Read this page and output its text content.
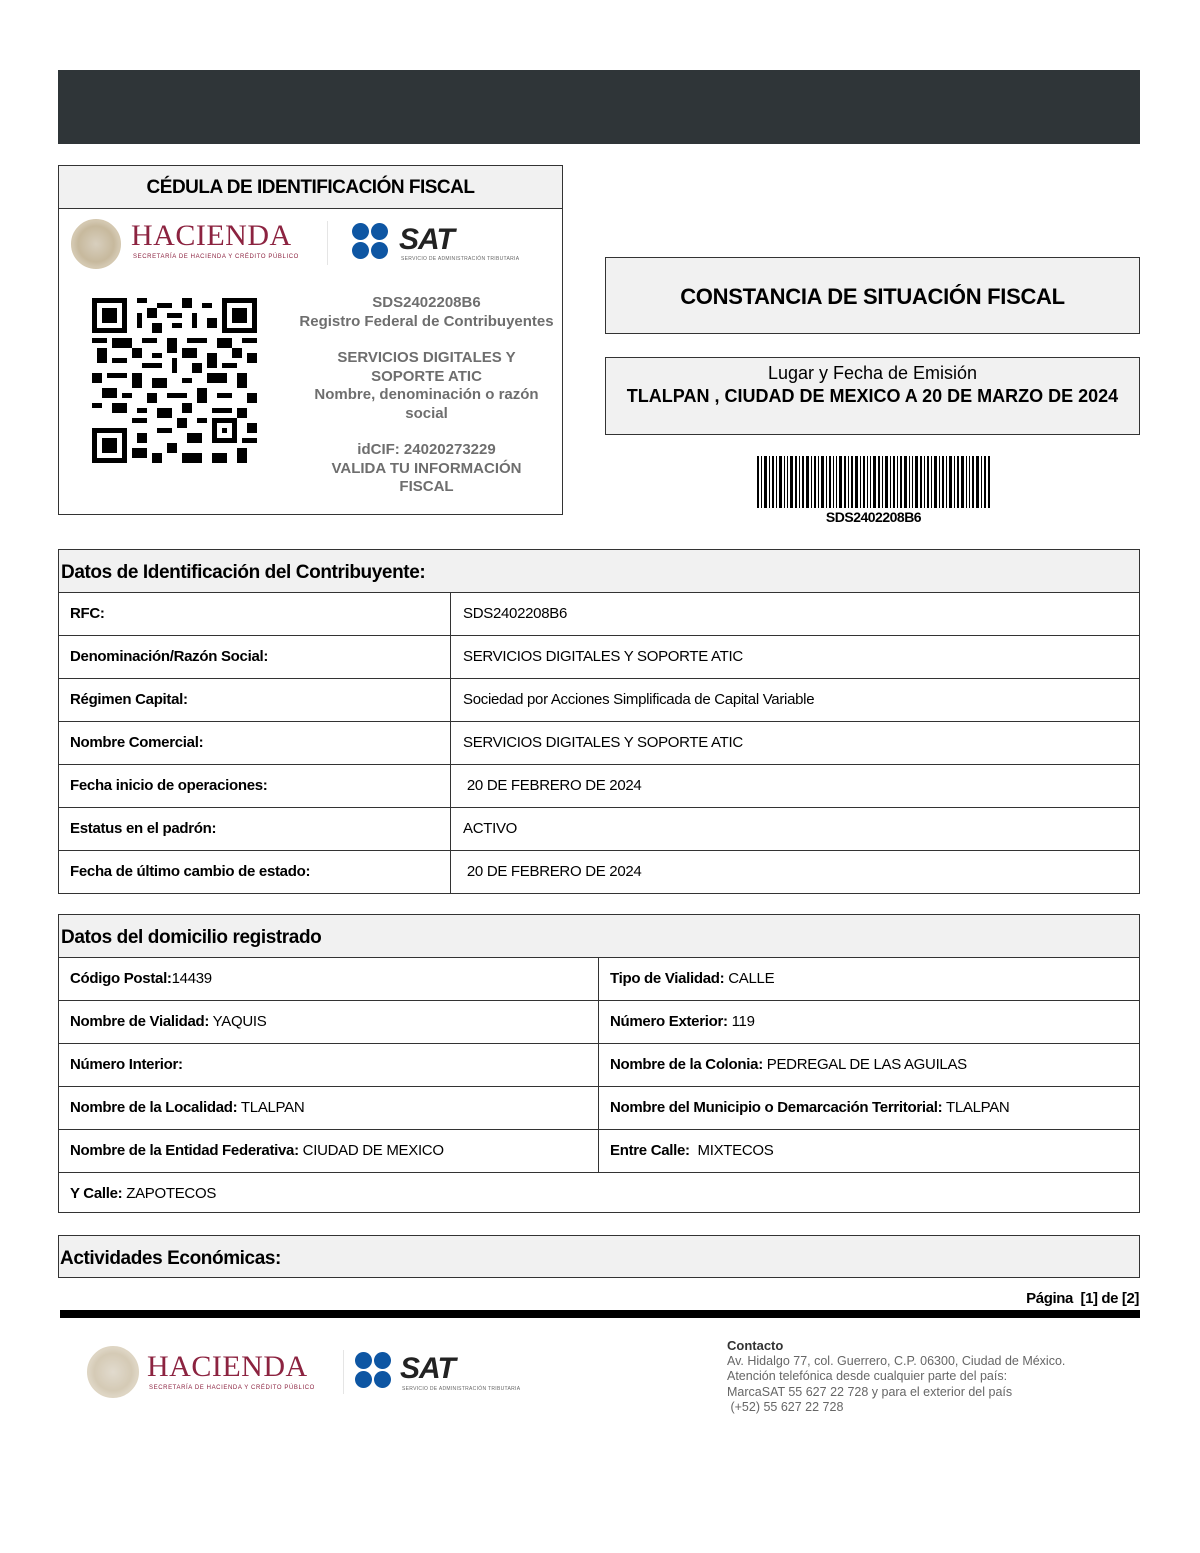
CÉDULA DE IDENTIFICACIÓN FISCAL
HACIENDA
SECRETARÍA DE HACIENDA Y CRÉDITO PÚBLICO
SAT
SERVICIO DE ADMINISTRACIÓN TRIBUTARIA
SDS2402208B6
Registro Federal de Contribuyentes
SERVICIOS DIGITALES Y SOPORTE ATIC
Nombre, denominación o razón social
idCIF: 24020273229
VALIDA TU INFORMACIÓN FISCAL
CONSTANCIA DE SITUACIÓN FISCAL
Lugar y Fecha de Emisión
TLALPAN , CIUDAD DE MEXICO A 20 DE MARZO DE 2024
SDS2402208B6
Datos de Identificación del Contribuyente:
RFC:	SDS2402208B6
Denominación/Razón Social:	SERVICIOS DIGITALES Y SOPORTE ATIC
Régimen Capital:	Sociedad por Acciones Simplificada de Capital Variable
Nombre Comercial:	SERVICIOS DIGITALES Y SOPORTE ATIC
Fecha inicio de operaciones:	20 DE FEBRERO DE 2024
Estatus en el padrón:	ACTIVO
Fecha de último cambio de estado:	20 DE FEBRERO DE 2024
Datos del domicilio registrado
Código Postal:14439	Tipo de Vialidad: CALLE
Nombre de Vialidad: YAQUIS	Número Exterior: 119
Número Interior:	Nombre de la Colonia: PEDREGAL DE LAS AGUILAS
Nombre de la Localidad: TLALPAN	Nombre del Municipio o Demarcación Territorial: TLALPAN
Nombre de la Entidad Federativa: CIUDAD DE MEXICO	Entre Calle:  MIXTECOS
Y Calle: ZAPOTECOS
Actividades Económicas:
Página  [1] de [2]
HACIENDA
SECRETARÍA DE HACIENDA Y CRÉDITO PÚBLICO
SAT
SERVICIO DE ADMINISTRACIÓN TRIBUTARIA
Contacto
Av. Hidalgo 77, col. Guerrero, C.P. 06300, Ciudad de México.
Atención telefónica desde cualquier parte del país:
MarcaSAT 55 627 22 728 y para el exterior del país
(+52) 55 627 22 728
